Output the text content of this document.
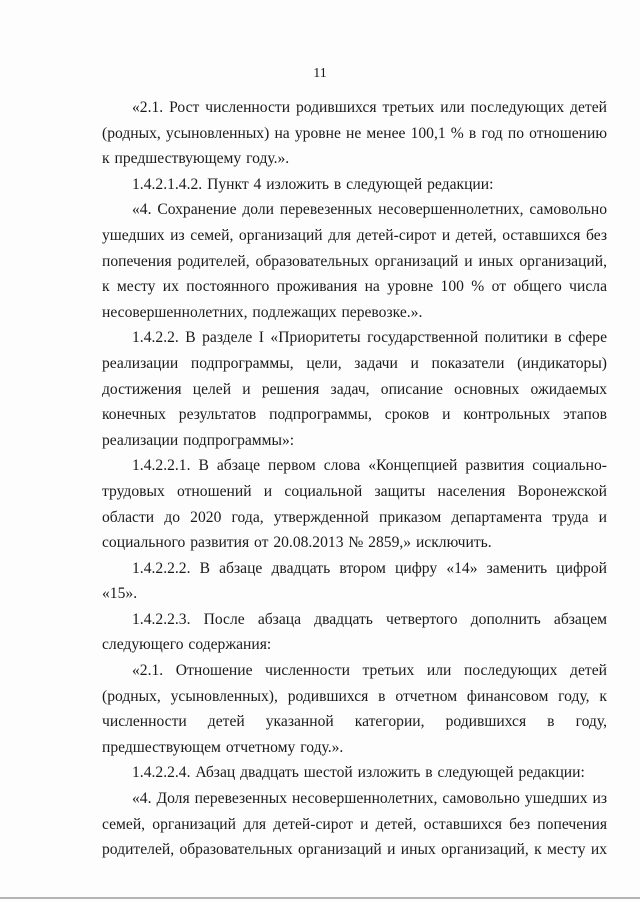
11

«2.1. Рост численности родившихся третьих или последующих детей (родных, усыновленных) на уровне не менее 100,1 % в год по отношению к предшествующему году.».

1.4.2.1.4.2. Пункт 4 изложить в следующей редакции:

«4. Сохранение доли перевезенных несовершеннолетних, самовольно ушедших из семей, организаций для детей-сирот и детей, оставшихся без попечения родителей, образовательных организаций и иных организаций, к месту их постоянного проживания на уровне 100 % от общего числа несовершеннолетних, подлежащих перевозке.».

1.4.2.2. В разделе I «Приоритеты государственной политики в сфере реализации подпрограммы, цели, задачи и показатели (индикаторы) достижения целей и решения задач, описание основных ожидаемых конечных результатов подпрограммы, сроков и контрольных этапов реализации подпрограммы»:

1.4.2.2.1. В абзаце первом слова «Концепцией развития социально-трудовых отношений и социальной защиты населения Воронежской области до 2020 года, утвержденной приказом департамента труда и социального развития от 20.08.2013 № 2859,» исключить.

1.4.2.2.2. В абзаце двадцать втором цифру «14» заменить цифрой «15».

1.4.2.2.3. После абзаца двадцать четвертого дополнить абзацем следующего содержания:

«2.1. Отношение численности третьих или последующих детей (родных, усыновленных), родившихся в отчетном финансовом году, к численности детей указанной категории, родившихся в году, предшествующем отчетному году.».

1.4.2.2.4. Абзац двадцать шестой изложить в следующей редакции:

«4. Доля перевезенных несовершеннолетних, самовольно ушедших из семей, организаций для детей-сирот и детей, оставшихся без попечения родителей, образовательных организаций и иных организаций, к месту их
